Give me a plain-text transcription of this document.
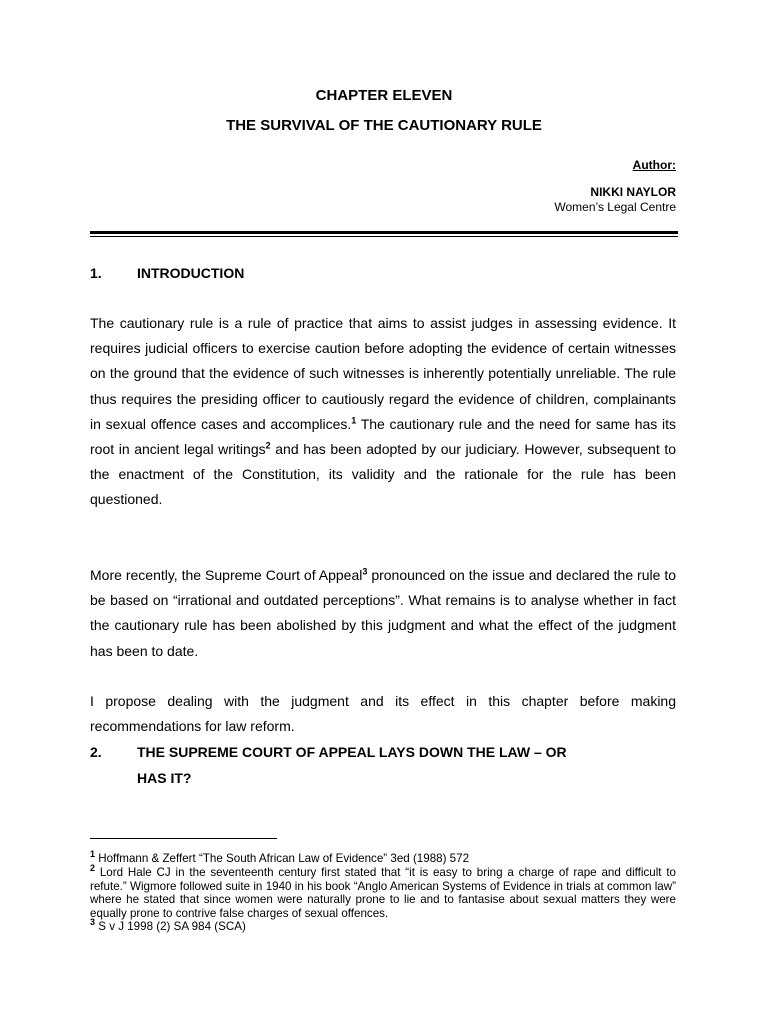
CHAPTER ELEVEN
THE SURVIVAL OF THE CAUTIONARY RULE
Author:
NIKKI NAYLOR
Women’s Legal Centre
1.	INTRODUCTION

The cautionary rule is a rule of practice that aims to assist judges in assessing evidence. It requires judicial officers to exercise caution before adopting the evidence of certain witnesses on the ground that the evidence of such witnesses is inherently potentially unreliable. The rule thus requires the presiding officer to cautiously regard the evidence of children, complainants in sexual offence cases and accomplices.$^1$ The cautionary rule and the need for same has its root in ancient legal writings$^2$ and has been adopted by our judiciary. However, subsequent to the enactment of the Constitution, its validity and the rationale for the rule has been questioned.

More recently, the Supreme Court of Appeal$^3$ pronounced on the issue and declared the rule to be based on “irrational and outdated perceptions”. What remains is to analyse whether in fact the cautionary rule has been abolished by this judgment and what the effect of the judgment has been to date.

I propose dealing with the judgment and its effect in this chapter before making recommendations for law reform.

2.	THE SUPREME COURT OF APPEAL LAYS DOWN THE LAW – OR
HAS IT?

$^1$ Hoffmann & Zeffert “The South African Law of Evidence” 3ed (1988) 572

$^2$ Lord Hale CJ in the seventeenth century first stated that “it is easy to bring a charge of rape and difficult to refute.” Wigmore followed suite in 1940 in his book “Anglo American Systems of Evidence in trials at common law” where he stated that since women were naturally prone to lie and to fantasise about sexual matters they were equally prone to contrive false charges of sexual offences.

$^3$ S v J 1998 (2) SA 984 (SCA)
